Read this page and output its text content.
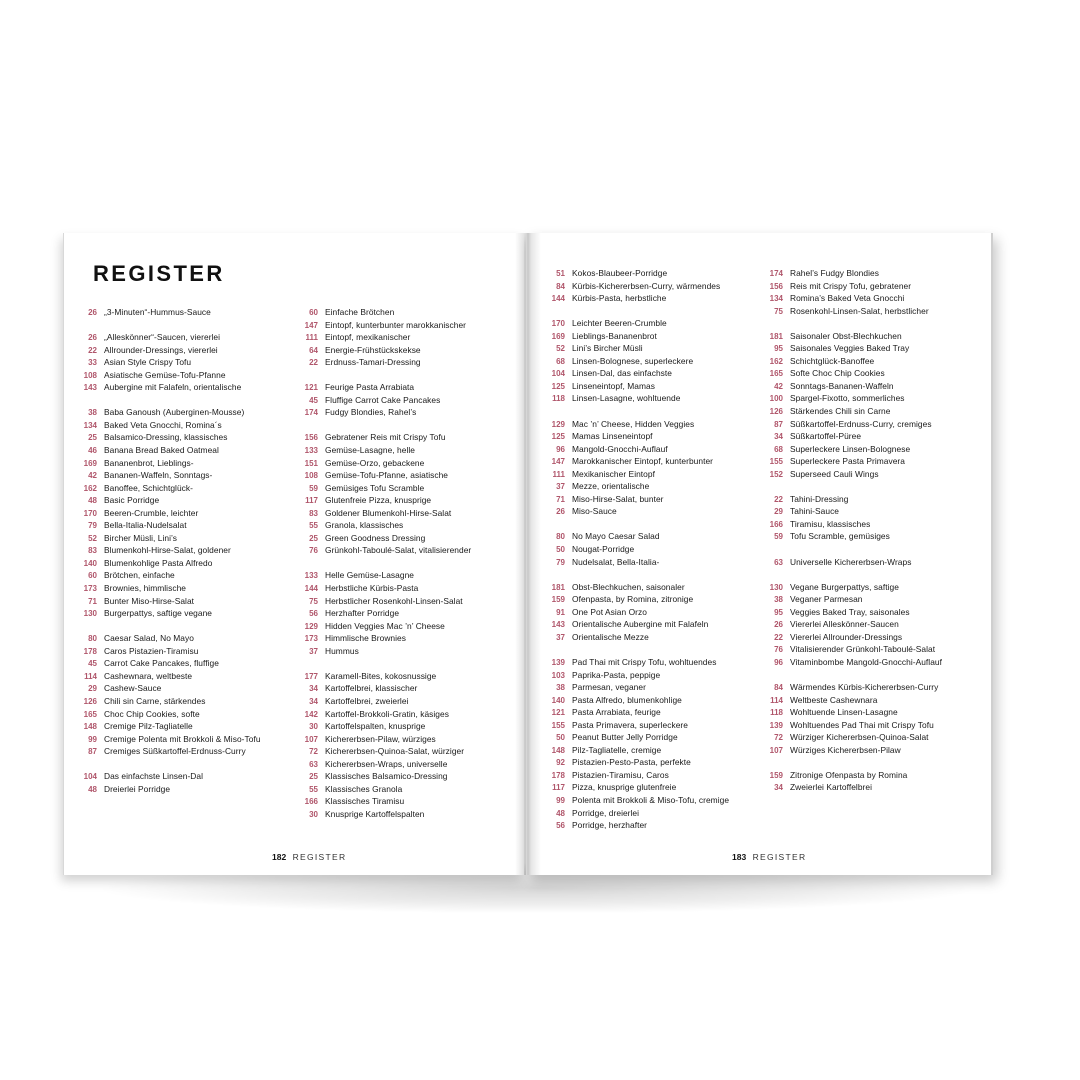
REGISTER
26 „3-Minuten“-Hummus-Sauce
26 „Alleskönner“-Saucen, viererlei
22 Allrounder-Dressings, viererlei
33 Asian Style Crispy Tofu
108 Asiatische Gemüse-Tofu-Pfanne
143 Aubergine mit Falafeln, orientalische
38 Baba Ganoush (Auberginen-Mousse)
134 Baked Veta Gnocchi, Romina´s
25 Balsamico-Dressing, klassisches
46 Banana Bread Baked Oatmeal
169 Bananenbrot, Lieblings-
42 Bananen-Waffeln, Sonntags-
162 Banoffee, Schichtglück-
48 Basic Porridge
170 Beeren-Crumble, leichter
79 Bella-Italia-Nudelsalat
52 Bircher Müsli, Lini’s
83 Blumenkohl-Hirse-Salat, goldener
140 Blumenkohlige Pasta Alfredo
60 Brötchen, einfache
173 Brownies, himmlische
71 Bunter Miso-Hirse-Salat
130 Burgerpattys, saftige vegane
80 Caesar Salad, No Mayo
178 Caros Pistazien-Tiramisu
45 Carrot Cake Pancakes, fluffige
114 Cashewnara, weltbeste
29 Cashew-Sauce
126 Chili sin Carne, stärkendes
165 Choc Chip Cookies, softe
148 Cremige Pilz-Tagliatelle
99 Cremige Polenta mit Brokkoli & Miso-Tofu
87 Cremiges Süßkartoffel-Erdnuss-Curry
104 Das einfachste Linsen-Dal
48 Dreierlei Porridge
60 Einfache Brötchen
147 Eintopf, kunterbunter marokkanischer
111 Eintopf, mexikanischer
64 Energie-Frühstückskekse
22 Erdnuss-Tamari-Dressing
121 Feurige Pasta Arrabiata
45 Fluffige Carrot Cake Pancakes
174 Fudgy Blondies, Rahel’s
156 Gebratener Reis mit Crispy Tofu
133 Gemüse-Lasagne, helle
151 Gemüse-Orzo, gebackene
108 Gemüse-Tofu-Pfanne, asiatische
59 Gemüsiges Tofu Scramble
117 Glutenfreie Pizza, knusprige
83 Goldener Blumenkohl-Hirse-Salat
55 Granola, klassisches
25 Green Goodness Dressing
76 Grünkohl-Taboulé-Salat, vitalisierender
133 Helle Gemüse-Lasagne
144 Herbstliche Kürbis-Pasta
75 Herbstlicher Rosenkohl-Linsen-Salat
56 Herzhafter Porridge
129 Hidden Veggies Mac ’n’ Cheese
173 Himmlische Brownies
37 Hummus
177 Karamell-Bites, kokosnussige
34 Kartoffelbrei, klassischer
34 Kartoffelbrei, zweierlei
142 Kartoffel-Brokkoli-Gratin, käsiges
30 Kartoffelspalten, knusprige
107 Kichererbsen-Pilaw, würziges
72 Kichererbsen-Quinoa-Salat, würziger
63 Kichererbsen-Wraps, universelle
25 Klassisches Balsamico-Dressing
55 Klassisches Granola
166 Klassisches Tiramisu
30 Knusprige Kartoffelspalten
182 REGISTER
51 Kokos-Blaubeer-Porridge
84 Kürbis-Kichererbsen-Curry, wärmendes
144 Kürbis-Pasta, herbstliche
170 Leichter Beeren-Crumble
169 Lieblings-Bananenbrot
52 Lini’s Bircher Müsli
68 Linsen-Bolognese, superleckere
104 Linsen-Dal, das einfachste
125 Linseneintopf, Mamas
118 Linsen-Lasagne, wohltuende
129 Mac ’n’ Cheese, Hidden Veggies
125 Mamas Linseneintopf
96 Mangold-Gnocchi-Auflauf
147 Marokkanischer Eintopf, kunterbunter
111 Mexikanischer Eintopf
37 Mezze, orientalische
71 Miso-Hirse-Salat, bunter
26 Miso-Sauce
80 No Mayo Caesar Salad
50 Nougat-Porridge
79 Nudelsalat, Bella-Italia-
181 Obst-Blechkuchen, saisonaler
159 Ofenpasta, by Romina, zitronige
91 One Pot Asian Orzo
143 Orientalische Aubergine mit Falafeln
37 Orientalische Mezze
139 Pad Thai mit Crispy Tofu, wohltuendes
103 Paprika-Pasta, peppige
38 Parmesan, veganer
140 Pasta Alfredo, blumenkohlige
121 Pasta Arrabiata, feurige
155 Pasta Primavera, superleckere
50 Peanut Butter Jelly Porridge
148 Pilz-Tagliatelle, cremige
92 Pistazien-Pesto-Pasta, perfekte
178 Pistazien-Tiramisu, Caros
117 Pizza, knusprige glutenfreie
99 Polenta mit Brokkoli & Miso-Tofu, cremige
48 Porridge, dreierlei
56 Porridge, herzhafter
174 Rahel’s Fudgy Blondies
156 Reis mit Crispy Tofu, gebratener
134 Romina’s Baked Veta Gnocchi
75 Rosenkohl-Linsen-Salat, herbstlicher
181 Saisonaler Obst-Blechkuchen
95 Saisonales Veggies Baked Tray
162 Schichtglück-Banoffee
165 Softe Choc Chip Cookies
42 Sonntags-Bananen-Waffeln
100 Spargel-Fixotto, sommerliches
126 Stärkendes Chili sin Carne
87 Süßkartoffel-Erdnuss-Curry, cremiges
34 Süßkartoffel-Püree
68 Superleckere Linsen-Bolognese
155 Superleckere Pasta Primavera
152 Superseed Cauli Wings
22 Tahini-Dressing
29 Tahini-Sauce
166 Tiramisu, klassisches
59 Tofu Scramble, gemüsiges
63 Universelle Kichererbsen-Wraps
130 Vegane Burgerpattys, saftige
38 Veganer Parmesan
95 Veggies Baked Tray, saisonales
26 Viererlei Alleskönner-Saucen
22 Viererlei Allrounder-Dressings
76 Vitalisierender Grünkohl-Taboulé-Salat
96 Vitaminbombe Mangold-Gnocchi-Auflauf
84 Wärmendes Kürbis-Kichererbsen-Curry
114 Weltbeste Cashewnara
118 Wohltuende Linsen-Lasagne
139 Wohltuendes Pad Thai mit Crispy Tofu
72 Würziger Kichererbsen-Quinoa-Salat
107 Würziges Kichererbsen-Pilaw
159 Zitronige Ofenpasta by Romina
34 Zweierlei Kartoffelbrei
183 REGISTER
